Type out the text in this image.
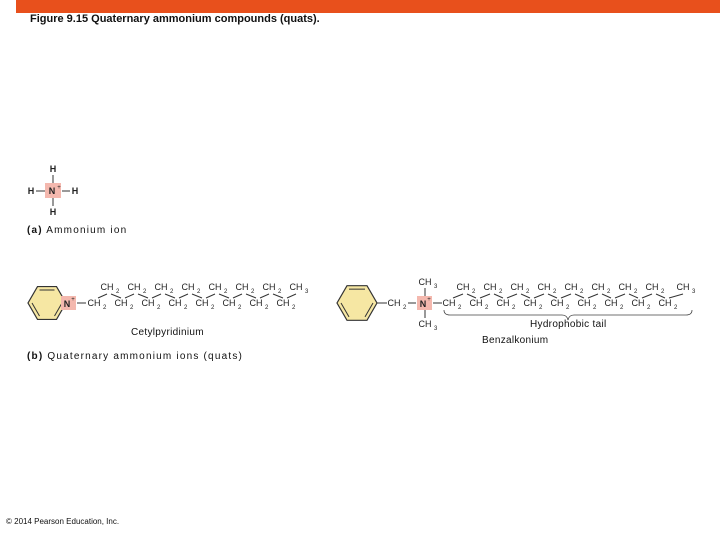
Figure 9.15 Quaternary ammonium compounds (quats).
N +
H
H
H	H
N + CH 2 CH 2 CH 2 CH 2 CH 2 CH 2 CH 2 CH 2
CH 2 CH 2 CH 2 CH 2 CH 2 CH 2 CH 2 CH 3
CH 2 N +
CH 3
CH 3
CH 2 CH 2 CH 2 CH 2 CH 2 CH 2 CH 2 CH 2 CH 2
CH 2 CH 2 CH 2 CH 2 CH 2 CH 2 CH 2 CH 2 CH 3
(a) Ammonium ion
Cetylpyridinium
Hydrophobic tail
Benzalkonium
(b) Quaternary ammonium ions (quats)
© 2014 Pearson Education, Inc.
